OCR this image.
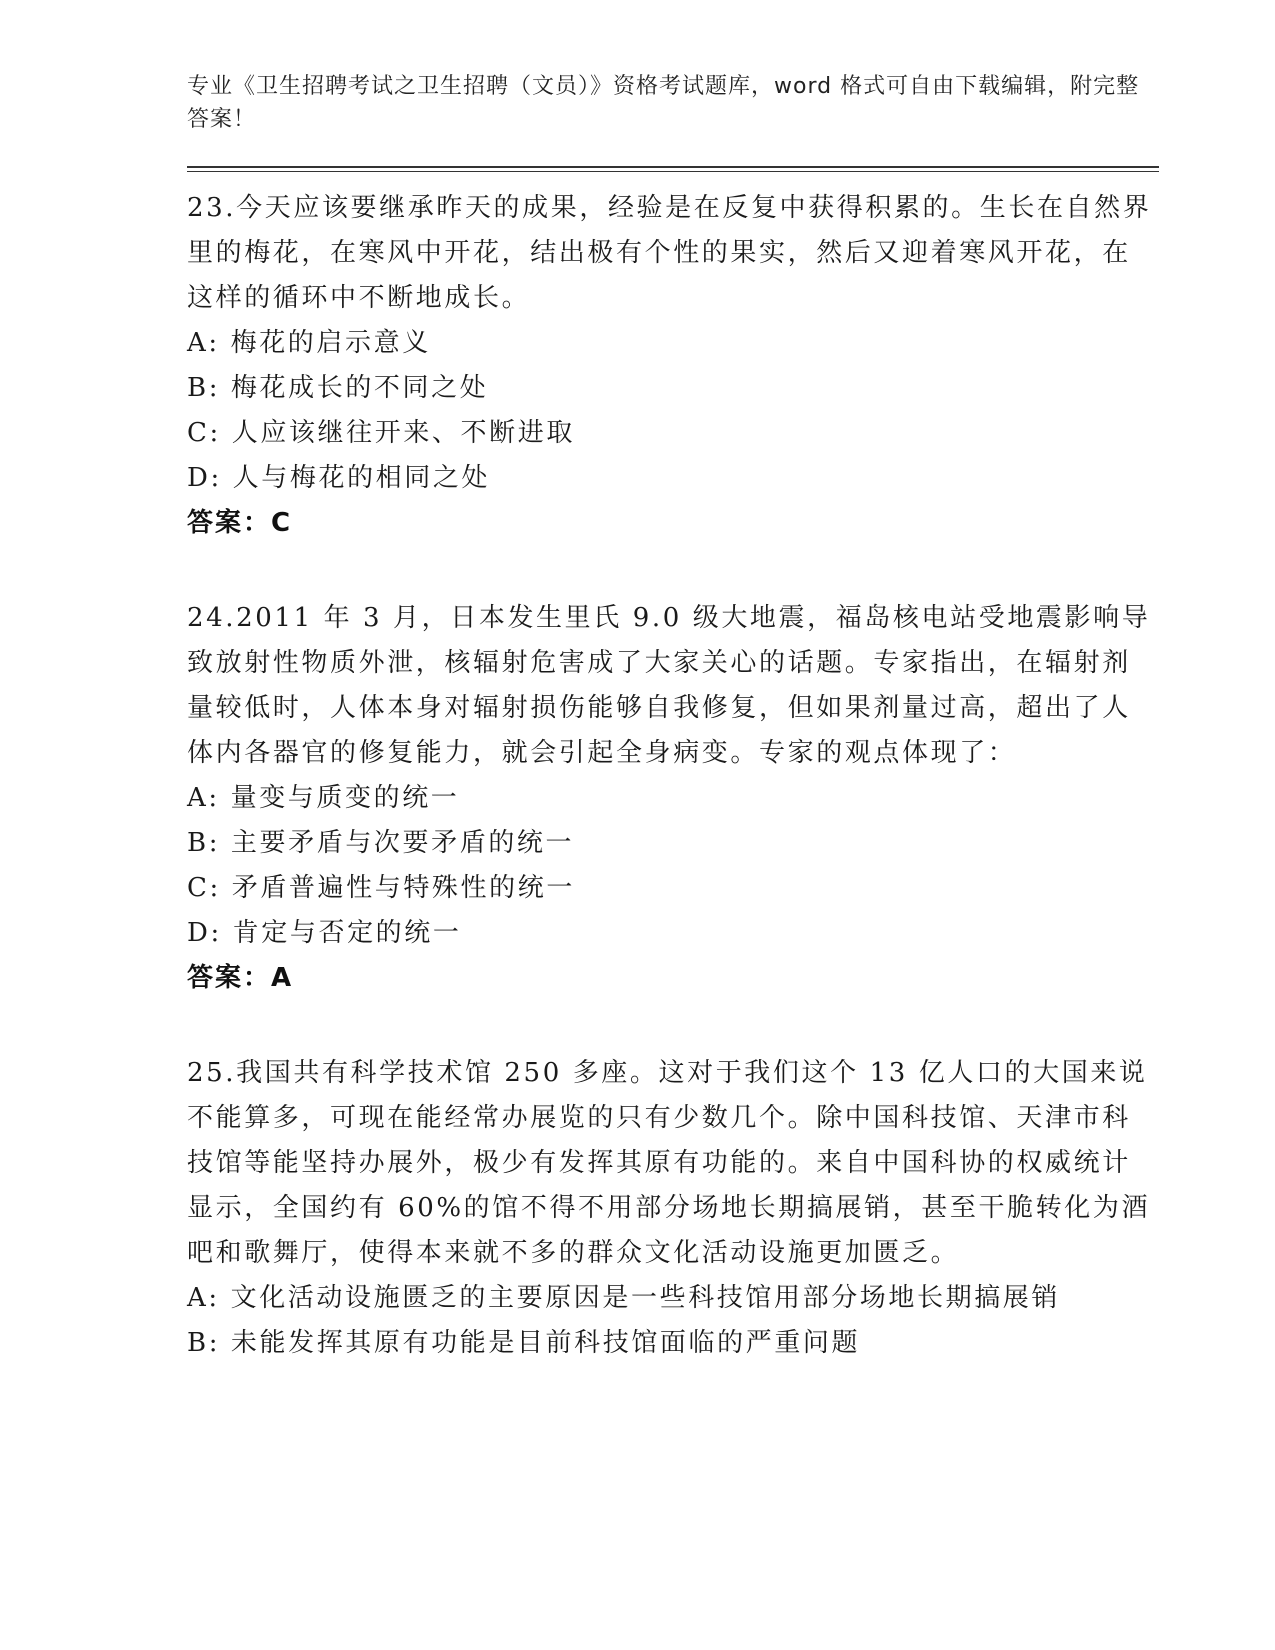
专业《卫生招聘考试之卫生招聘（文员）》资格考试题库，word 格式可自由下载编辑，附完整答案！

23.今天应该要继承昨天的成果，经验是在反复中获得积累的。生长在自然界里的梅花，在寒风中开花，结出极有个性的果实，然后又迎着寒风开花，在这样的循环中不断地成长。

A: 梅花的启示意义
B: 梅花成长的不同之处
C: 人应该继往开来、不断进取
D: 人与梅花的相同之处
答案：C

24.2011 年 3 月，日本发生里氏 9.0 级大地震，福岛核电站受地震影响导致放射性物质外泄，核辐射危害成了大家关心的话题。专家指出，在辐射剂量较低时，人体本身对辐射损伤能够自我修复，但如果剂量过高，超出了人体内各器官的修复能力，就会引起全身病变。专家的观点体现了：

A: 量变与质变的统一
B: 主要矛盾与次要矛盾的统一
C: 矛盾普遍性与特殊性的统一
D: 肯定与否定的统一
答案：A

25.我国共有科学技术馆 250 多座。这对于我们这个 13 亿人口的大国来说不能算多，可现在能经常办展览的只有少数几个。除中国科技馆、天津市科技馆等能坚持办展外，极少有发挥其原有功能的。来自中国科协的权威统计显示，全国约有 60%的馆不得不用部分场地长期搞展销，甚至干脆转化为酒吧和歌舞厅，使得本来就不多的群众文化活动设施更加匮乏。

A: 文化活动设施匮乏的主要原因是一些科技馆用部分场地长期搞展销
B: 未能发挥其原有功能是目前科技馆面临的严重问题
